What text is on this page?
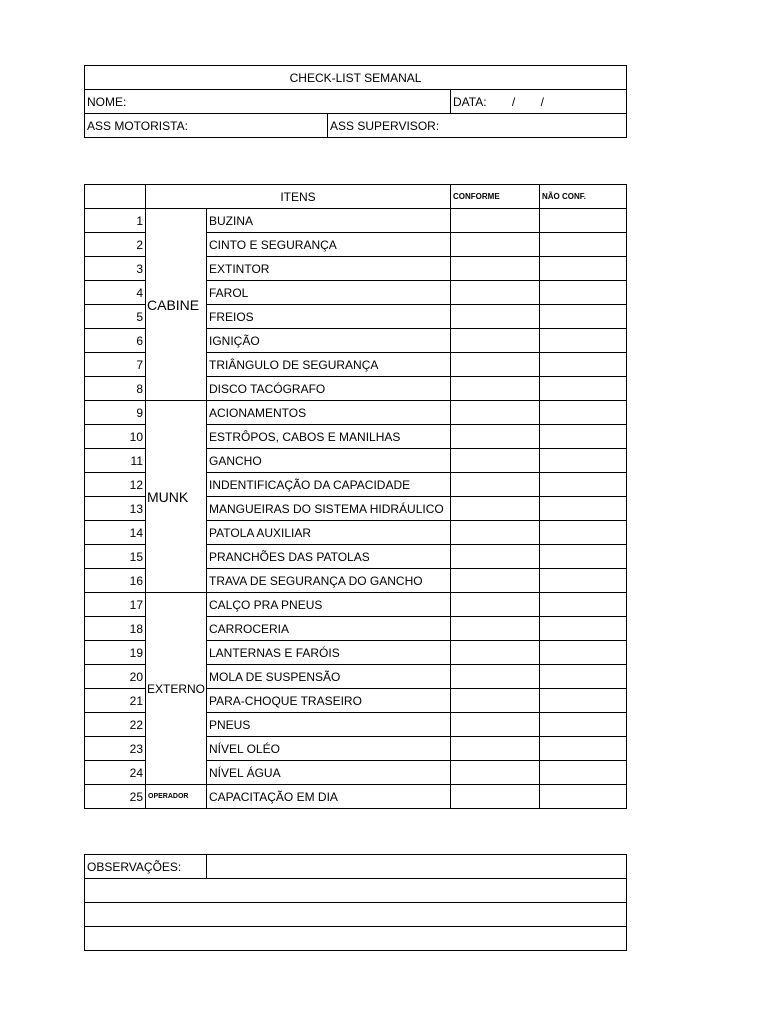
CHECK-LIST SEMANAL		
NOME:		DATA: / /
ASS MOTORISTA:	ASS SUPERVISOR:	
	ITENS		CONFORME	NÃO CONF.
1	CABINE	BUZINA		
2		CINTO E SEGURANÇA		
3		EXTINTOR		
4		FAROL		
5		FREIOS		
6		IGNIÇÃO		
7		TRIÂNGULO DE SEGURANÇA		
8		DISCO TACÓGRAFO		
9	MUNK	ACIONAMENTOS		
10		ESTRÔPOS, CABOS E MANILHAS		
11		GANCHO		
12		INDENTIFICAÇÃO DA CAPACIDADE		
13		MANGUEIRAS DO SISTEMA HIDRÁULICO		
14		PATOLA AUXILIAR		
15		PRANCHÕES DAS PATOLAS		
16		TRAVA DE SEGURANÇA DO GANCHO		
17	EXTERNO	CALÇO PRA PNEUS		
18		CARROCERIA		
19		LANTERNAS E FARÓIS		
20		MOLA DE SUSPENSÃO		
21		PARA-CHOQUE TRASEIRO		
22		PNEUS		
23		NÍVEL OLÉO		
24		NÍVEL ÁGUA		
25	OPERADOR	CAPACITAÇÃO EM DIA		
OBSERVAÇÕES:	
